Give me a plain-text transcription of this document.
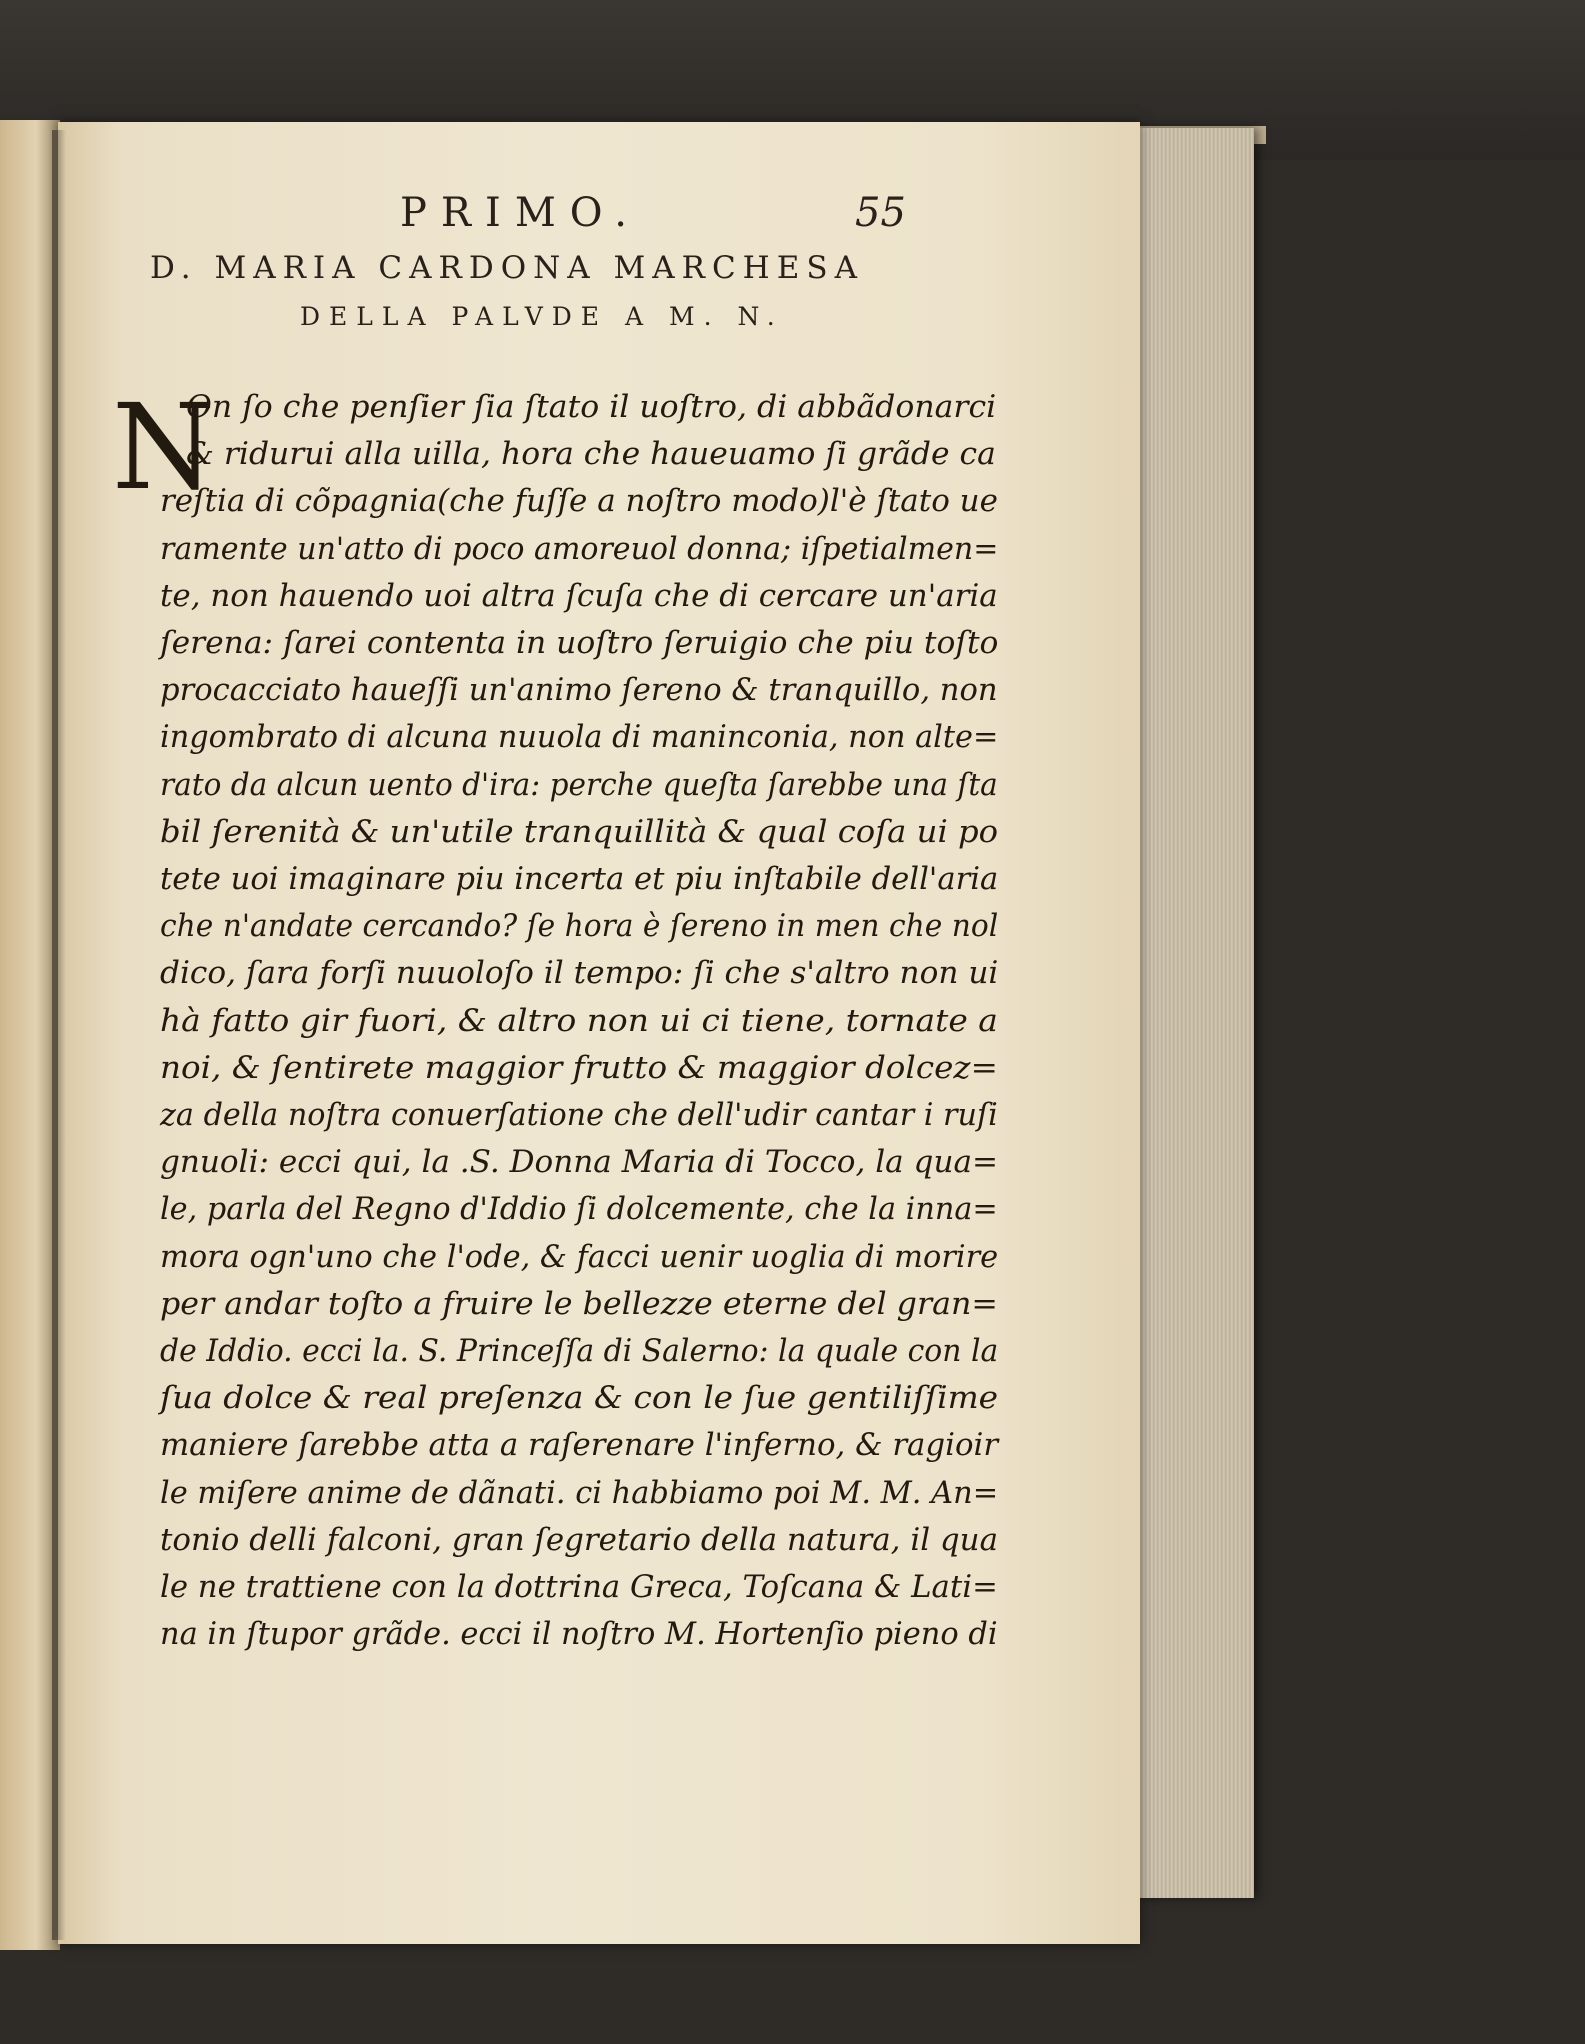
PRIMO.	55
D. MARIA CARDONA MARCHESA
DELLA PALVDE A M. N.
N
On ſo che penſier ſia ſtato il uoſtro, di abbãdonarci
& ridurui alla uilla, hora che haueuamo ſi grãde ca
reſtia di cõpagnia(che fuſſe a noſtro modo)l'è ſtato ue
ramente un'atto di poco amoreuol donna; iſpetialmen=
te, non hauendo uoi altra ſcuſa che di cercare un'aria
ſerena: ſarei contenta in uoſtro ſeruigio che piu toſto
procacciato haueſſi un'animo ſereno & tranquillo, non
ingombrato di alcuna nuuola di maninconia, non alte=
rato da alcun uento d'ira: perche queſta ſarebbe una ſta
bil ſerenità & un'utile tranquillità & qual coſa ui po
tete uoi imaginare piu incerta et piu inſtabile dell'aria
che n'andate cercando? ſe hora è ſereno in men che nol
dico, ſara forſi nuuoloſo il tempo: ſi che s'altro non ui
hà fatto gir fuori, & altro non ui ci tiene, tornate a
noi, & ſentirete maggior frutto & maggior dolcez=
za della noſtra conuerſatione che dell'udir cantar i ruſi
gnuoli: ecci qui, la .S. Donna Maria di Tocco, la qua=
le, parla del Regno d'Iddio ſi dolcemente, che la inna=
mora ogn'uno che l'ode, & facci uenir uoglia di morire
per andar toſto a fruire le bellezze eterne del gran=
de Iddio. ecci la. S. Princeſſa di Salerno: la quale con la
ſua dolce & real preſenza & con le ſue gentiliſſime
maniere ſarebbe atta a raſerenare l'inferno, & ragioir
le miſere anime de dãnati. ci habbiamo poi M. M. An=
tonio delli falconi, gran ſegretario della natura, il qua
le ne trattiene con la dottrina Greca, Toſcana & Lati=
na in ſtupor grãde. ecci il noſtro M. Hortenſio pieno di
